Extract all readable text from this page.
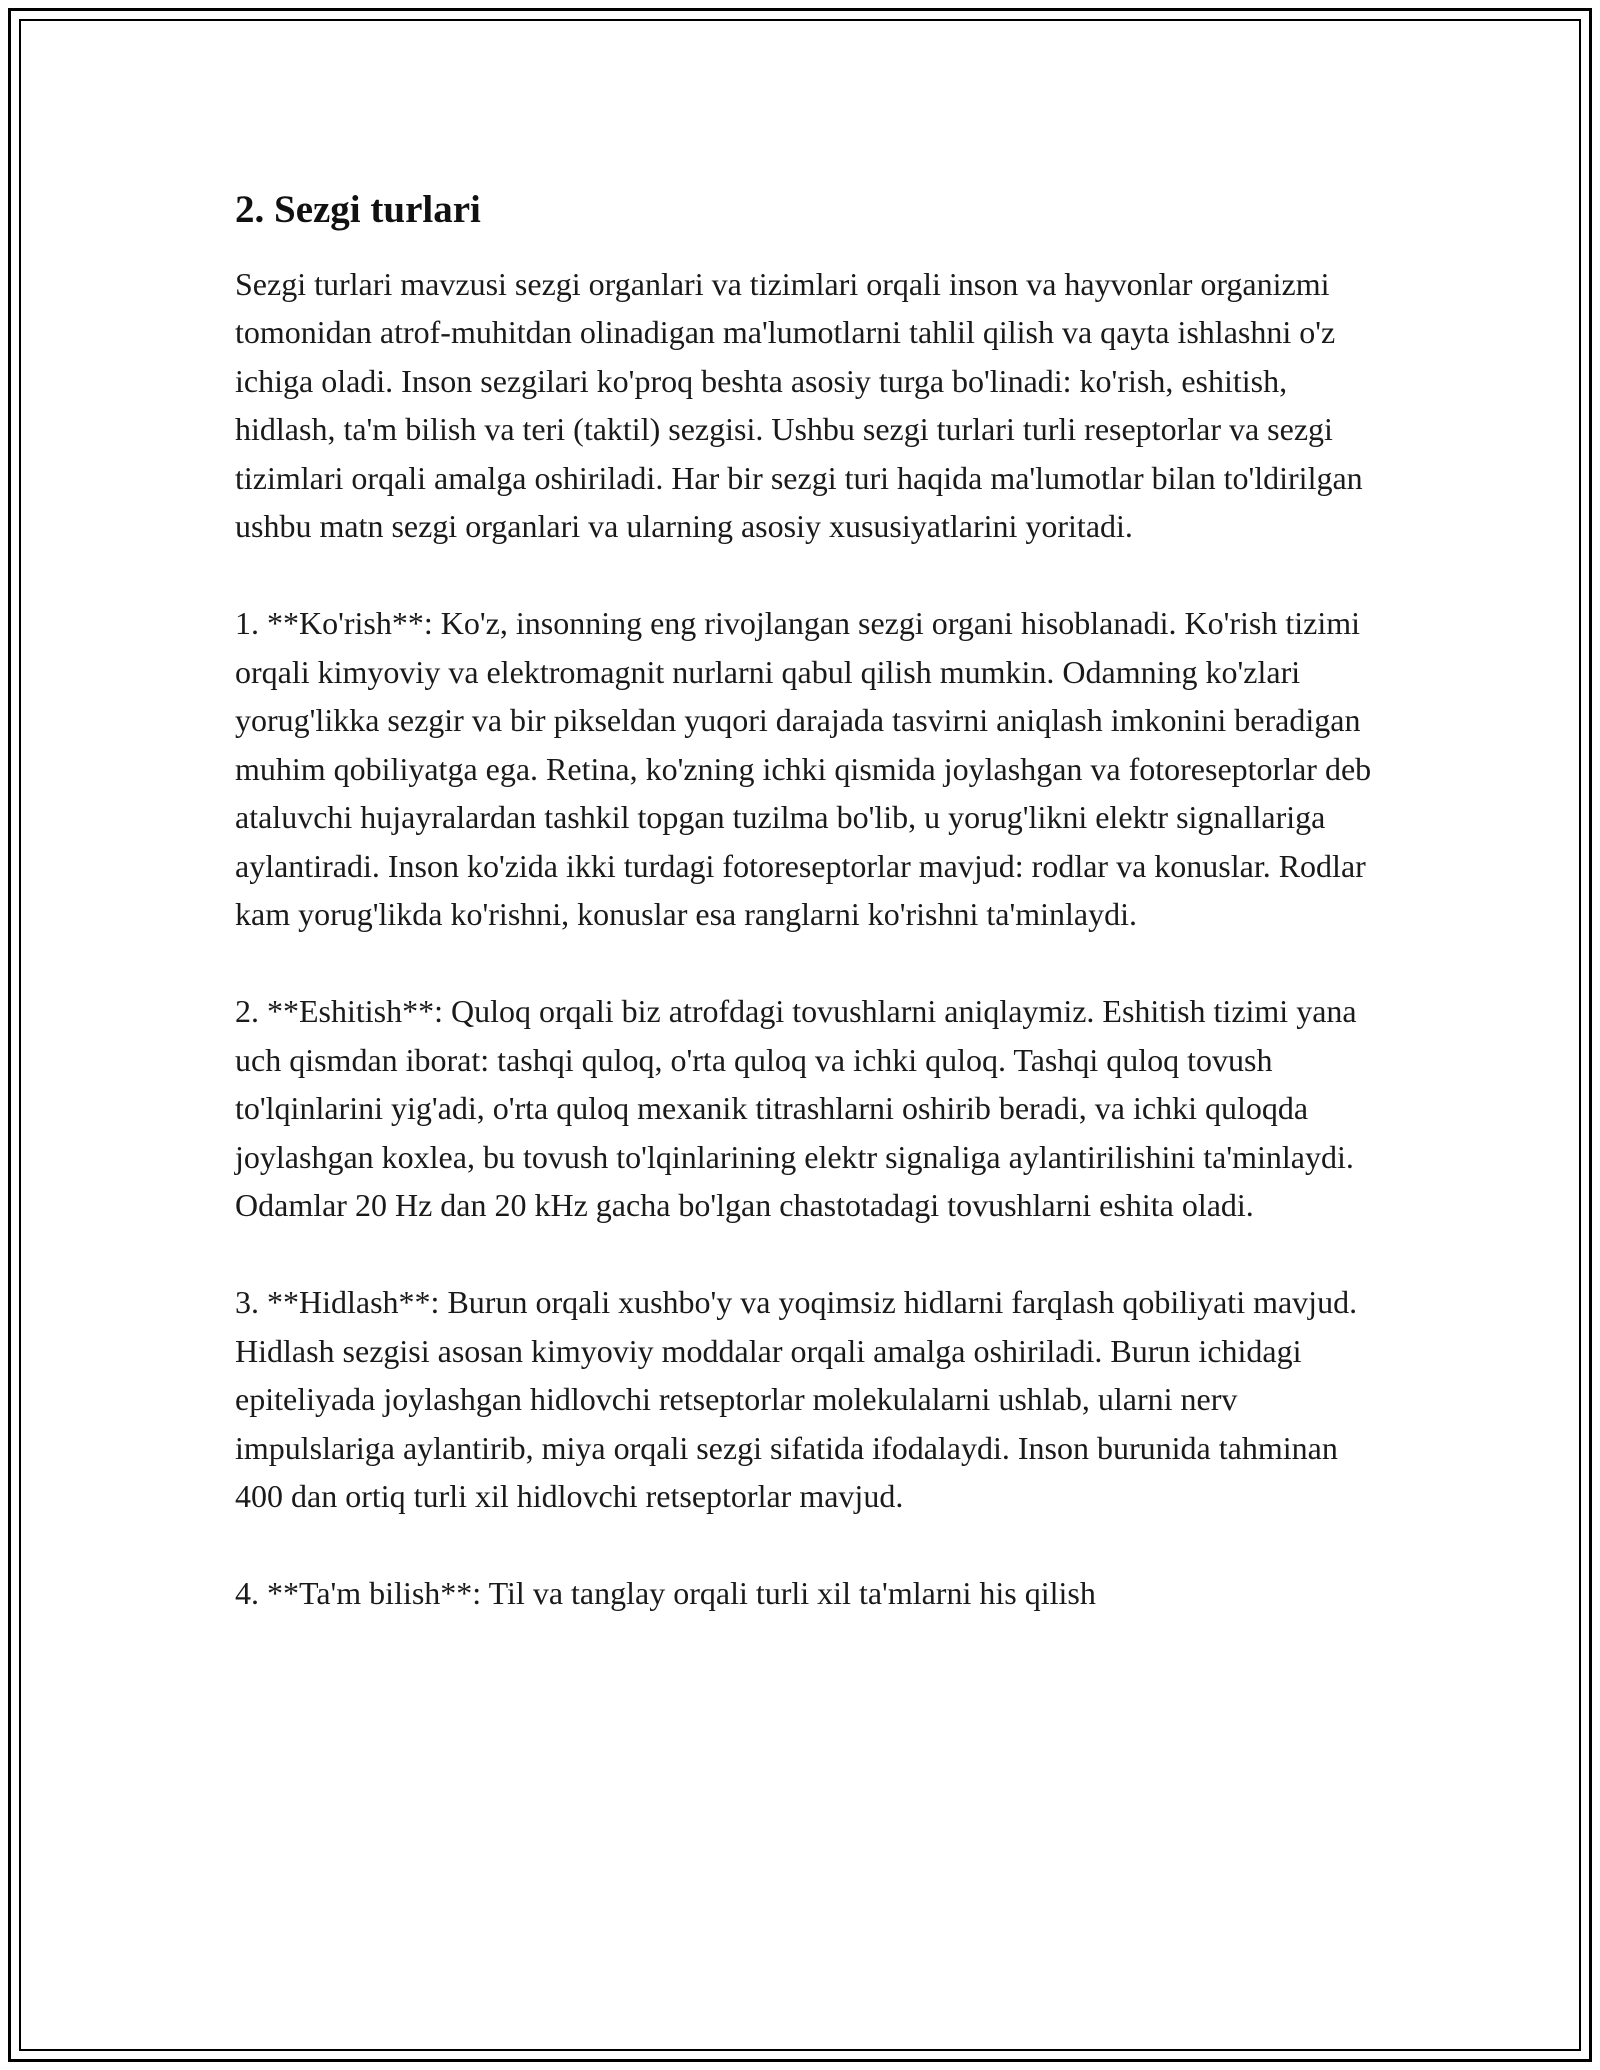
2. Sezgi turlari

Sezgi turlari mavzusi sezgi organlari va tizimlari orqali inson va hayvonlar organizmi tomonidan atrof-muhitdan olinadigan ma'lumotlarni tahlil qilish va qayta ishlashni o'z ichiga oladi. Inson sezgilari ko'proq beshta asosiy turga bo'linadi: ko'rish, eshitish, hidlash, ta'm bilish va teri (taktil) sezgisi. Ushbu sezgi turlari turli reseptorlar va sezgi tizimlari orqali amalga oshiriladi. Har bir sezgi turi haqida ma'lumotlar bilan to'ldirilgan ushbu matn sezgi organlari va ularning asosiy xususiyatlarini yoritadi.

1. **Ko'rish**: Ko'z, insonning eng rivojlangan sezgi organi hisoblanadi. Ko'rish tizimi orqali kimyoviy va elektromagnit nurlarni qabul qilish mumkin. Odamning ko'zlari yorug'likka sezgir va bir pikseldan yuqori darajada tasvirni aniqlash imkonini beradigan muhim qobiliyatga ega. Retina, ko'zning ichki qismida joylashgan va fotoreseptorlar deb ataluvchi hujayralardan tashkil topgan tuzilma bo'lib, u yorug'likni elektr signallariga aylantiradi. Inson ko'zida ikki turdagi fotoreseptorlar mavjud: rodlar va konuslar. Rodlar kam yorug'likda ko'rishni, konuslar esa ranglarni ko'rishni ta'minlaydi.

2. **Eshitish**: Quloq orqali biz atrofdagi tovushlarni aniqlaymiz. Eshitish tizimi yana uch qismdan iborat: tashqi quloq, o'rta quloq va ichki quloq. Tashqi quloq tovush to'lqinlarini yig'adi, o'rta quloq mexanik titrashlarni oshirib beradi, va ichki quloqda joylashgan koxlea, bu tovush to'lqinlarining elektr signaliga aylantirilishini ta'minlaydi. Odamlar 20 Hz dan 20 kHz gacha bo'lgan chastotadagi tovushlarni eshita oladi.

3. **Hidlash**: Burun orqali xushbo'y va yoqimsiz hidlarni farqlash qobiliyati mavjud. Hidlash sezgisi asosan kimyoviy moddalar orqali amalga oshiriladi. Burun ichidagi epiteliyada joylashgan hidlovchi retseptorlar molekulalarni ushlab, ularni nerv impulslariga aylantirib, miya orqali sezgi sifatida ifodalaydi. Inson burunida tahminan 400 dan ortiq turli xil hidlovchi retseptorlar mavjud.

4. **Ta'm bilish**: Til va tanglay orqali turli xil ta'mlarni his qilish
